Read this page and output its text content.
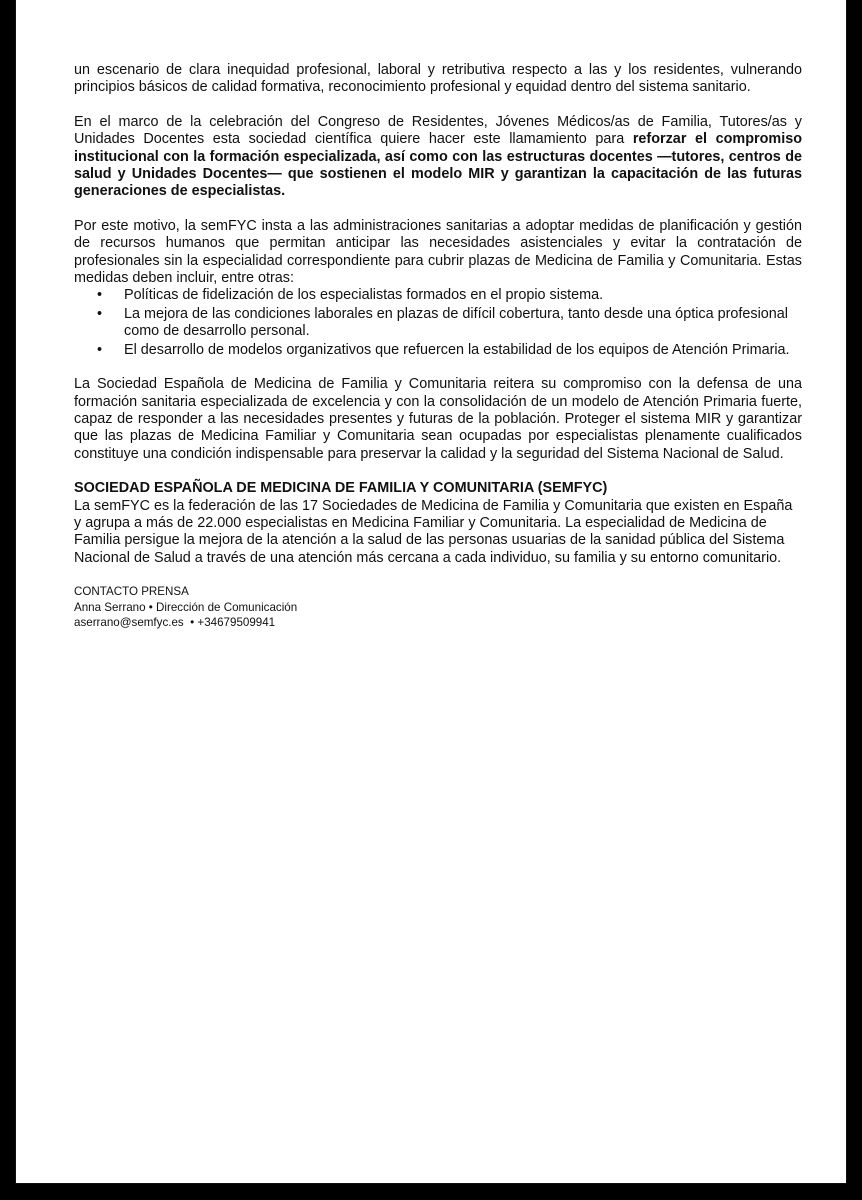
un escenario de clara inequidad profesional, laboral y retributiva respecto a las y los residentes, vulnerando principios básicos de calidad formativa, reconocimiento profesional y equidad dentro del sistema sanitario.

En el marco de la celebración del Congreso de Residentes, Jóvenes Médicos/as de Familia, Tutores/as y Unidades Docentes esta sociedad científica quiere hacer este llamamiento para reforzar el compromiso institucional con la formación especializada, así como con las estructuras docentes —tutores, centros de salud y Unidades Docentes— que sostienen el modelo MIR y garantizan la capacitación de las futuras generaciones de especialistas.

Por este motivo, la semFYC insta a las administraciones sanitarias a adoptar medidas de planificación y gestión de recursos humanos que permitan anticipar las necesidades asistenciales y evitar la contratación de profesionales sin la especialidad correspondiente para cubrir plazas de Medicina de Familia y Comunitaria. Estas medidas deben incluir, entre otras:

• Políticas de fidelización de los especialistas formados en el propio sistema.
• La mejora de las condiciones laborales en plazas de difícil cobertura, tanto desde una óptica profesional como de desarrollo personal.
• El desarrollo de modelos organizativos que refuercen la estabilidad de los equipos de Atención Primaria.

La Sociedad Española de Medicina de Familia y Comunitaria reitera su compromiso con la defensa de una formación sanitaria especializada de excelencia y con la consolidación de un modelo de Atención Primaria fuerte, capaz de responder a las necesidades presentes y futuras de la población. Proteger el sistema MIR y garantizar que las plazas de Medicina Familiar y Comunitaria sean ocupadas por especialistas plenamente cualificados constituye una condición indispensable para preservar la calidad y la seguridad del Sistema Nacional de Salud.

SOCIEDAD ESPAÑOLA DE MEDICINA DE FAMILIA Y COMUNITARIA (SEMFYC)

La semFYC es la federación de las 17 Sociedades de Medicina de Familia y Comunitaria que existen en España y agrupa a más de 22.000 especialistas en Medicina Familiar y Comunitaria. La especialidad de Medicina de Familia persigue la mejora de la atención a la salud de las personas usuarias de la sanidad pública del Sistema Nacional de Salud a través de una atención más cercana a cada individuo, su familia y su entorno comunitario.

CONTACTO PRENSA
Anna Serrano • Dirección de Comunicación
aserrano@semfyc.es  • +34679509941
